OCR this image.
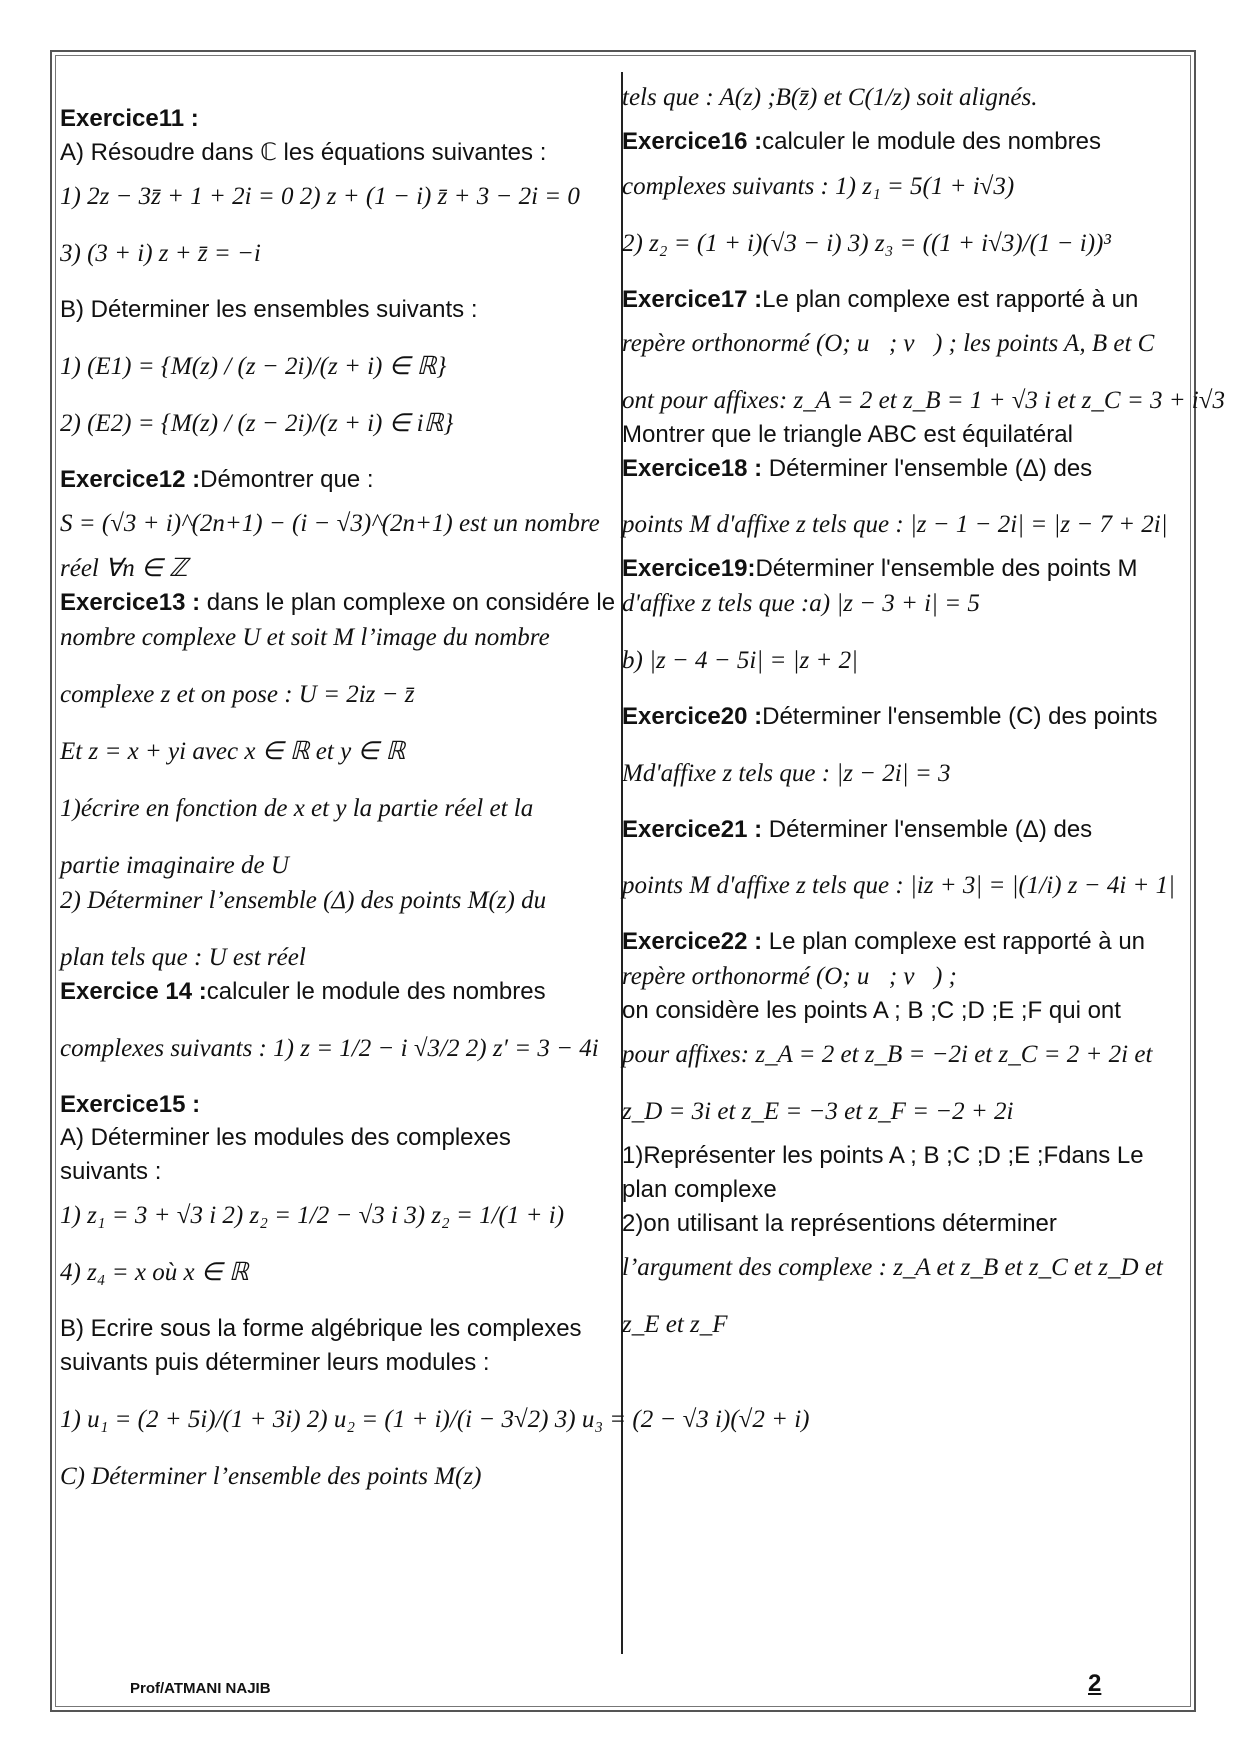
Exercice11 :
A) Résoudre dans ℂ les équations suivantes :
1) 2z − 3z̄ + 1 + 2i = 0 2) z + (1 − i) z̄ + 3 − 2i = 0
3) (3 + i) z + z̄ = −i
B) Déterminer les ensembles suivants :
1) (E1) = {M(z) / (z − 2i)/(z + i) ∈ ℝ}
2) (E2) = {M(z) / (z − 2i)/(z + i) ∈ iℝ}
Exercice12 :Démontrer que :
S = (√3 + i)^(2n+1) − (i − √3)^(2n+1) est un nombre
réel ∀n ∈ ℤ
Exercice13 : dans le plan complexe on considére le
nombre complexe U et soit M l’image du nombre
complexe z et on pose : U = 2iz − z̄
Et z = x + yi avec x ∈ ℝ et y ∈ ℝ
1)écrire en fonction de x et y la partie réel et la
partie imaginaire de U
2) Déterminer l’ensemble (Δ) des points M(z) du
plan tels que : U est réel
Exercice 14 :calculer le module des nombres
complexes suivants : 1) z = 1/2 − i √3/2 2) z′ = 3 − 4i
Exercice15 :
A) Déterminer les modules des complexes
suivants :
1) z₁ = 3 + √3 i 2) z₂ = 1/2 − √3 i 3) z₂ = 1/(1 + i)
4) z₄ = x où x ∈ ℝ
B) Ecrire sous la forme algébrique les complexes
suivants puis déterminer leurs modules :
1) u₁ = (2 + 5i)/(1 + 3i) 2) u₂ = (1 + i)/(i − 3√2) 3) u₃ = (2 − √3 i)(√2 + i)
C) Déterminer l’ensemble des points M(z)
tels que : A(z) ;B(z̄) et C(1/z) soit alignés.
Exercice16 :calculer le module des nombres
complexes suivants : 1) z₁ = 5(1 + i√3)
2) z₂ = (1 + i)(√3 − i) 3) z₃ = ((1 + i√3)/(1 − i))³
Exercice17 :Le plan complexe est rapporté à un
repère orthonormé (O; u⃗; v⃗) ; les points A, B et C
ont pour affixes: z_A = 2 et z_B = 1 + √3 i et z_C = 3 + i√3
Montrer que le triangle ABC est équilatéral
Exercice18 : Déterminer l'ensemble (Δ) des
points M d'affixe z tels que : |z − 1 − 2i| = |z − 7 + 2i|
Exercice19:Déterminer l'ensemble des points M
d'affixe z tels que :a) |z − 3 + i| = 5
b) |z − 4 − 5i| = |z + 2|
Exercice20 :Déterminer l'ensemble (C) des points
Md'affixe z tels que : |z − 2i| = 3
Exercice21 : Déterminer l'ensemble (Δ) des
points M d'affixe z tels que : |iz + 3| = |(1/i) z − 4i + 1|
Exercice22 : Le plan complexe est rapporté à un
repère orthonormé (O; u⃗; v⃗) ;
on considère les points A ; B ;C ;D ;E ;F qui ont
pour affixes: z_A = 2 et z_B = −2i et z_C = 2 + 2i et
z_D = 3i et z_E = −3 et z_F = −2 + 2i
1)Représenter les points A ; B ;C ;D ;E ;Fdans Le
plan complexe
2)on utilisant la représentions déterminer
l’argument des complexe : z_A et z_B et z_C et z_D et
z_E et z_F
Prof/ATMANI NAJIB	2
